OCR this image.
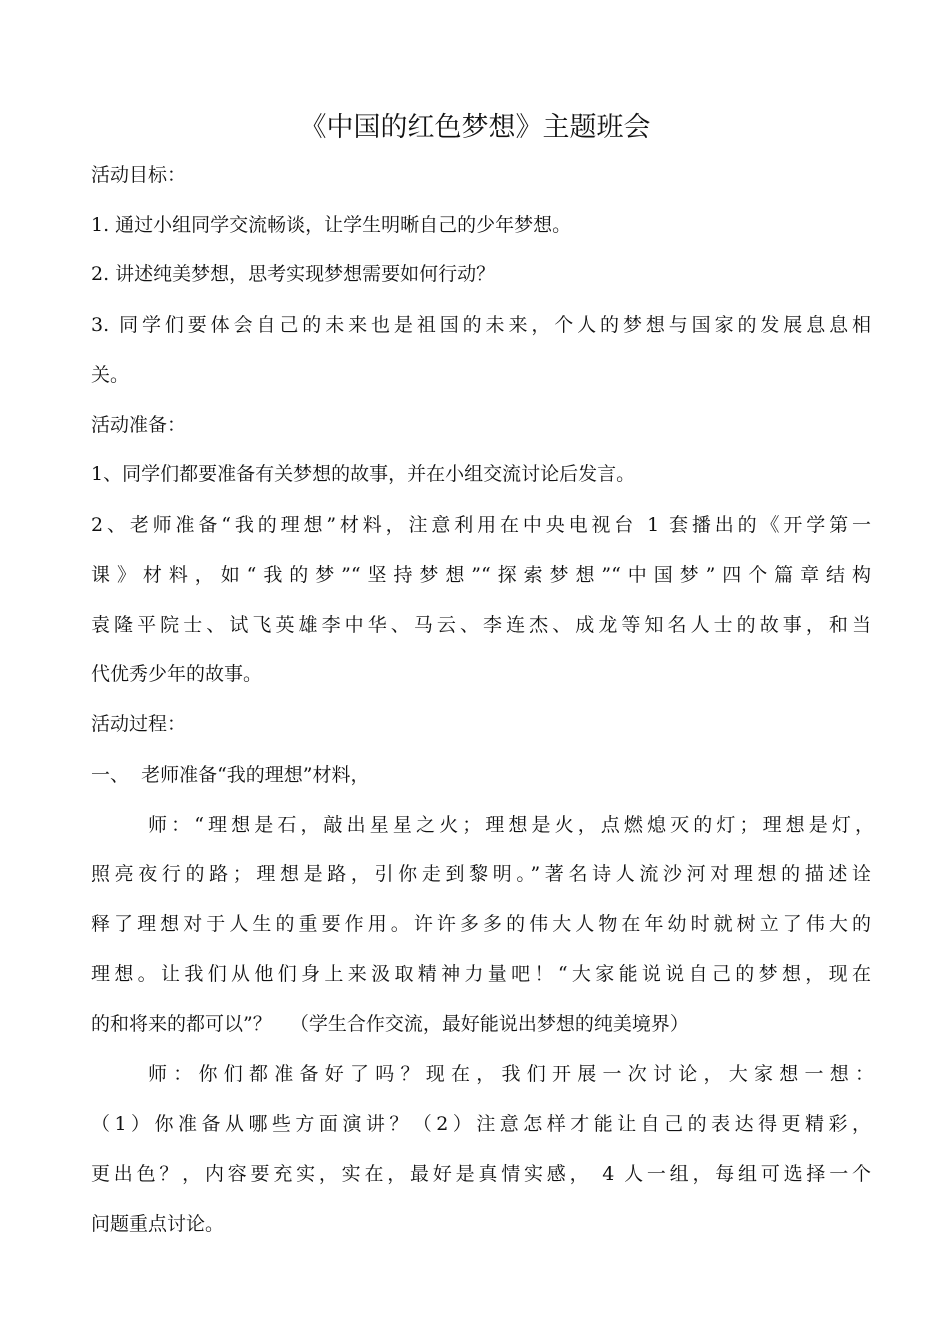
《中国的红色梦想》主题班会
活动目标：
1. 通过小组同学交流畅谈，让学生明晰自己的少年梦想。
2. 讲述纯美梦想，思考实现梦想需要如何行动？
3. 同学们要体会自己的未来也是祖国的未来，个人的梦想与国家的发展息息相
关。
活动准备：
1、同学们都要准备有关梦想的故事，并在小组交流讨论后发言。
2、老师准备“我的理想”材料，注意利用在中央电视台 1 套播出的《开学第一
课》材料，如“我的梦”“坚持梦想”“探索梦想”“中国梦”四个篇章结构
袁隆平院士、试飞英雄李中华、马云、李连杰、成龙等知名人士的故事，和当
代优秀少年的故事。
活动过程：
一、  老师准备“我的理想”材料，
师：“理想是石，敲出星星之火；理想是火，点燃熄灭的灯；理想是灯，
照亮夜行的路；理想是路，引你走到黎明。”著名诗人流沙河对理想的描述诠
释了理想对于人生的重要作用。许许多多的伟大人物在年幼时就树立了伟大的
理想。让我们从他们身上来汲取精神力量吧！“大家能说说自己的梦想，现在
的和将来的都可以”？   （学生合作交流，最好能说出梦想的纯美境界）
师：你们都准备好了吗？现在，我们开展一次讨论，大家想一想：
（1）你准备从哪些方面演讲？（2）注意怎样才能让自己的表达得更精彩，
更出色？，内容要充实，实在，最好是真情实感， 4 人一组，每组可选择一个
问题重点讨论。
